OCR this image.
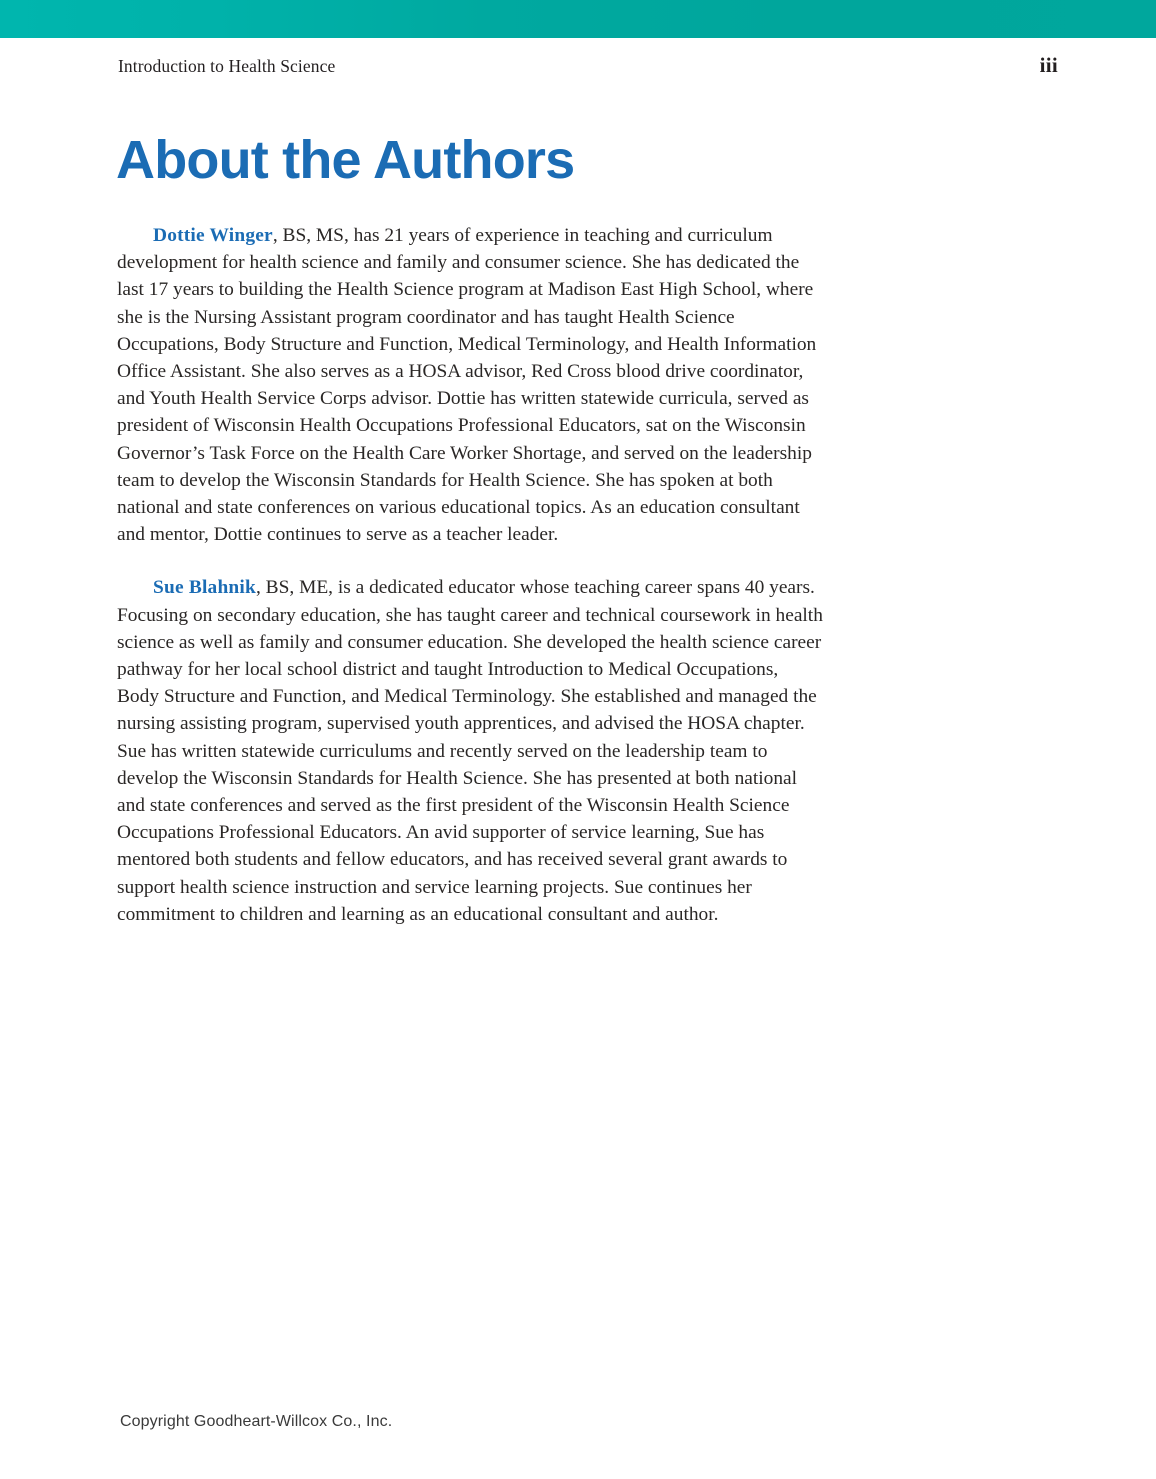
Introduction to Health Science	iii
About the Authors

Dottie Winger, BS, MS, has 21 years of experience in teaching and curriculum development for health science and family and consumer science. She has dedicated the last 17 years to building the Health Science program at Madison East High School, where she is the Nursing Assistant program coordinator and has taught Health Science Occupations, Body Structure and Function, Medical Terminology, and Health Information Office Assistant. She also serves as a HOSA advisor, Red Cross blood drive coordinator, and Youth Health Service Corps advisor. Dottie has written statewide curricula, served as president of Wisconsin Health Occupations Professional Educators, sat on the Wisconsin Governor’s Task Force on the Health Care Worker Shortage, and served on the leadership team to develop the Wisconsin Standards for Health Science. She has spoken at both national and state conferences on various educational topics. As an education consultant and mentor, Dottie continues to serve as a teacher leader.

Sue Blahnik, BS, ME, is a dedicated educator whose teaching career spans 40 years. Focusing on secondary education, she has taught career and technical coursework in health science as well as family and consumer education. She developed the health science career pathway for her local school district and taught Introduction to Medical Occupations, Body Structure and Function, and Medical Terminology. She established and managed the nursing assisting program, supervised youth apprentices, and advised the HOSA chapter. Sue has written statewide curriculums and recently served on the leadership team to develop the Wisconsin Standards for Health Science. She has presented at both national and state conferences and served as the first president of the Wisconsin Health Science Occupations Professional Educators. An avid supporter of service learning, Sue has mentored both students and fellow educators, and has received several grant awards to support health science instruction and service learning projects. Sue continues her commitment to children and learning as an educational consultant and author.

Copyright Goodheart-Willcox Co., Inc.
